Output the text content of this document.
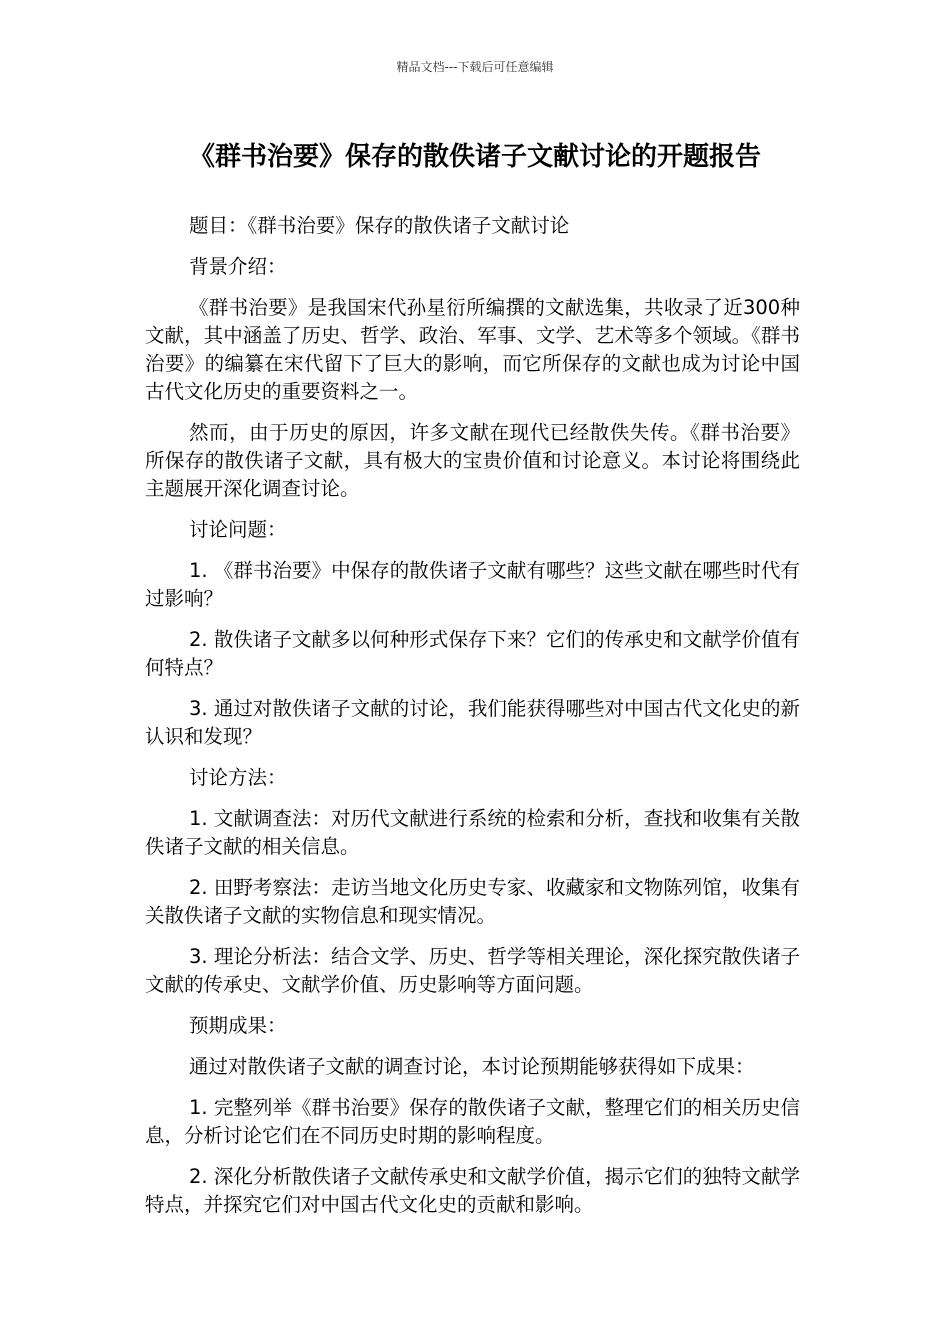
精品文档---下载后可任意编辑
《群书治要》保存的散佚诸子文献讨论的开题报告

题目：《群书治要》保存的散佚诸子文献讨论

背景介绍：

《群书治要》是我国宋代孙星衍所编撰的文献选集，共收录了近300种文献，其中涵盖了历史、哲学、政治、军事、文学、艺术等多个领域。《群书治要》的编纂在宋代留下了巨大的影响，而它所保存的文献也成为讨论中国古代文化历史的重要资料之一。

然而，由于历史的原因，许多文献在现代已经散佚失传。《群书治要》所保存的散佚诸子文献，具有极大的宝贵价值和讨论意义。本讨论将围绕此主题展开深化调查讨论。

讨论问题：

1. 《群书治要》中保存的散佚诸子文献有哪些？这些文献在哪些时代有过影响？

2. 散佚诸子文献多以何种形式保存下来？它们的传承史和文献学价值有何特点？

3. 通过对散佚诸子文献的讨论，我们能获得哪些对中国古代文化史的新认识和发现？

讨论方法：

1. 文献调查法：对历代文献进行系统的检索和分析，查找和收集有关散佚诸子文献的相关信息。

2. 田野考察法：走访当地文化历史专家、收藏家和文物陈列馆，收集有关散佚诸子文献的实物信息和现实情况。

3. 理论分析法：结合文学、历史、哲学等相关理论，深化探究散佚诸子文献的传承史、文献学价值、历史影响等方面问题。

预期成果：

通过对散佚诸子文献的调查讨论，本讨论预期能够获得如下成果：

1. 完整列举《群书治要》保存的散佚诸子文献，整理它们的相关历史信息，分析讨论它们在不同历史时期的影响程度。

2. 深化分析散佚诸子文献传承史和文献学价值，揭示它们的独特文献学特点，并探究它们对中国古代文化史的贡献和影响。
